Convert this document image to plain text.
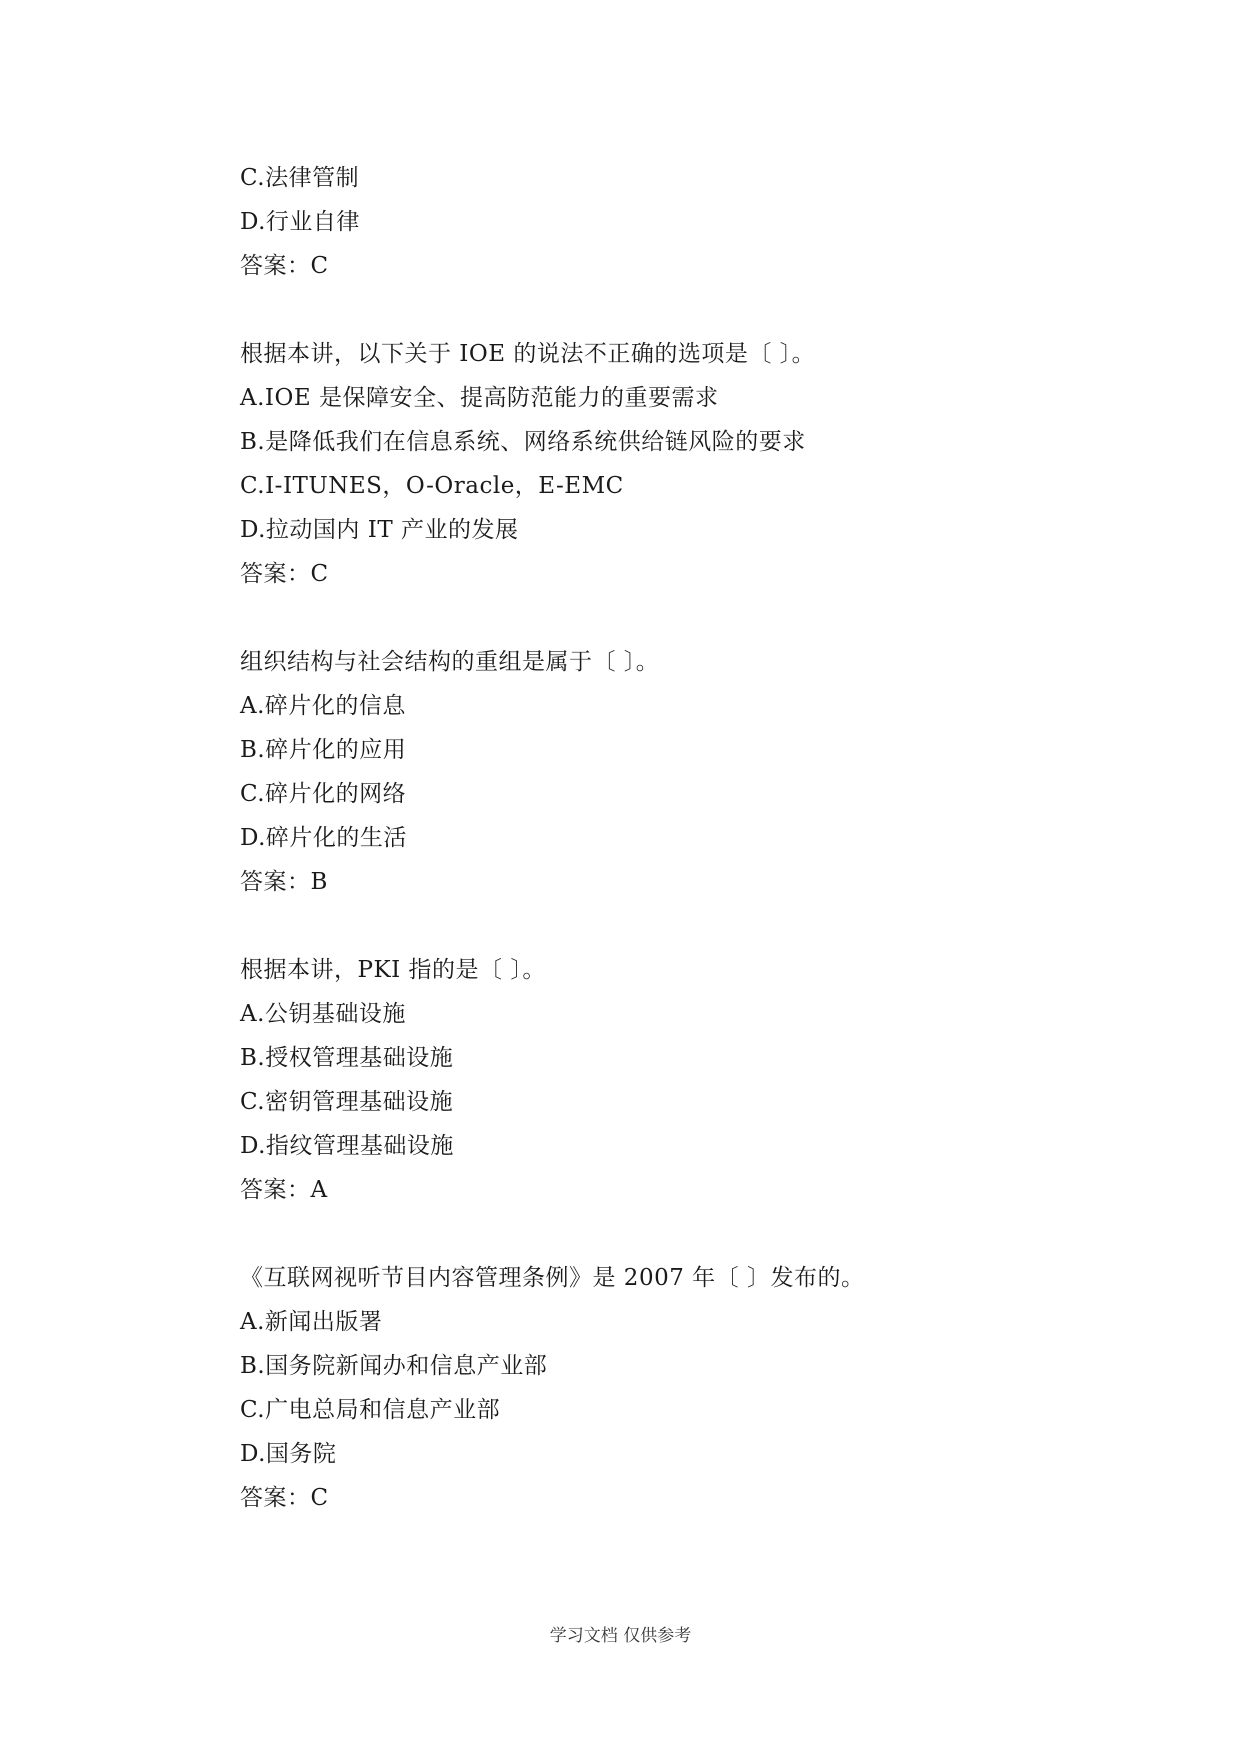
C.法律管制
D.行业自律
答案：C
根据本讲，以下关于 IOE 的说法不正确的选项是〔 〕。
A.IOE 是保障安全、提高防范能力的重要需求
B.是降低我们在信息系统、网络系统供给链风险的要求
C.I-ITUNES，O-Oracle，E-EMC
D.拉动国内 IT 产业的发展
答案：C
组织结构与社会结构的重组是属于〔 〕。
A.碎片化的信息
B.碎片化的应用
C.碎片化的网络
D.碎片化的生活
答案：B
根据本讲，PKI 指的是〔 〕。
A.公钥基础设施
B.授权管理基础设施
C.密钥管理基础设施
D.指纹管理基础设施
答案：A
《互联网视听节目内容管理条例》是 2007 年〔 〕发布的。
A.新闻出版署
B.国务院新闻办和信息产业部
C.广电总局和信息产业部
D.国务院
答案：C
学习文档 仅供参考
